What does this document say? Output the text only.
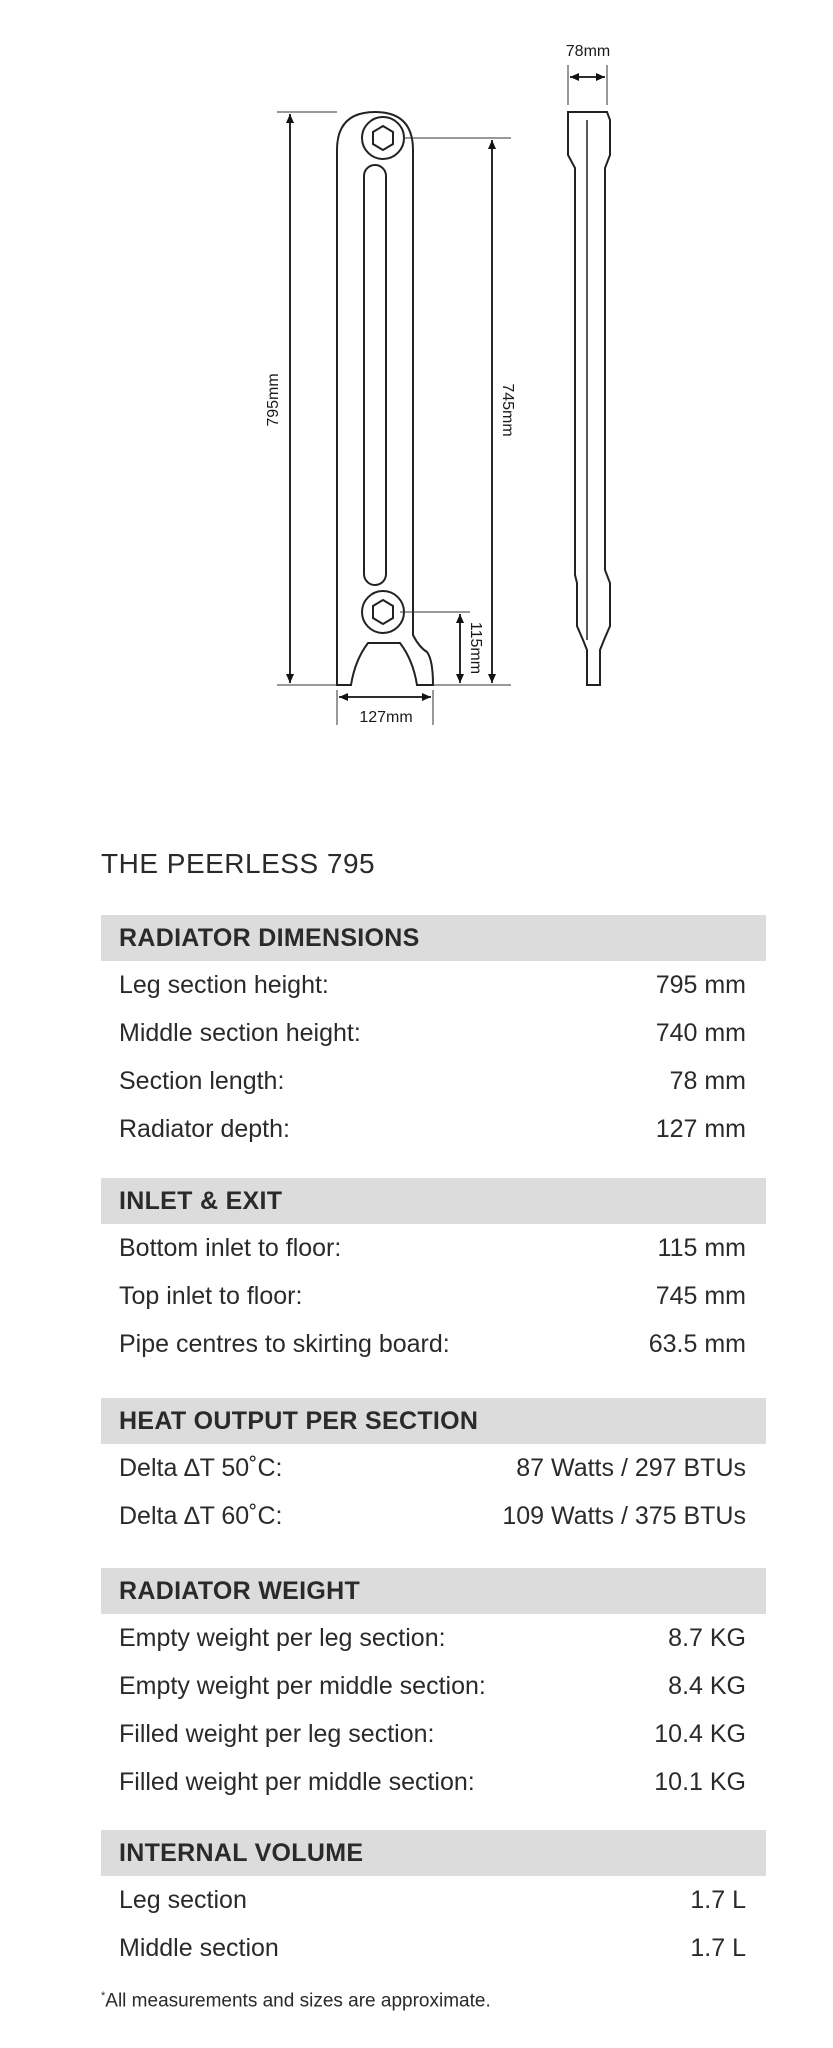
78mm
795mm	745mm
115mm
127mm
THE PEERLESS 795
RADIATOR DIMENSIONS
Leg section height:	795 mm
Middle section height:	740 mm
Section length:	78 mm
Radiator depth:	127 mm
INLET & EXIT
Bottom inlet to floor:	115 mm
Top inlet to floor:	745 mm
Pipe centres to skirting board:	63.5 mm
HEAT OUTPUT PER SECTION
Delta ∆T 50˚C:	87 Watts / 297 BTUs
Delta ∆T 60˚C:	109 Watts / 375 BTUs
RADIATOR WEIGHT
Empty weight per leg section:	8.7 KG
Empty weight per middle section:	8.4 KG
Filled weight per leg section:	10.4 KG
Filled weight per middle section:	10.1 KG
INTERNAL VOLUME
Leg section	1.7 L
Middle section	1.7 L
*All measurements and sizes are approximate.
